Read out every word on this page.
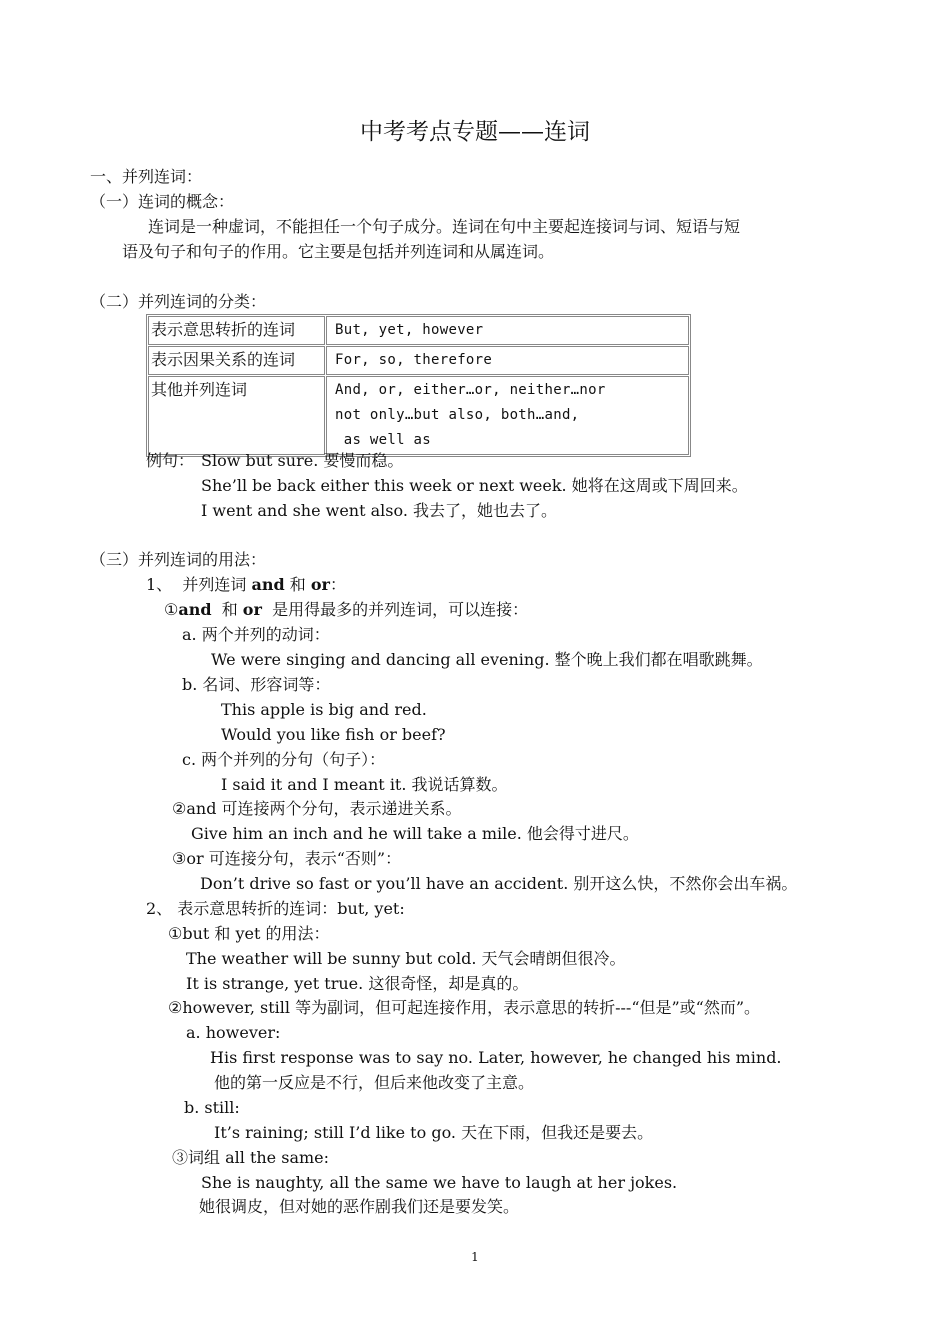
中考考点专题——连词
一、并列连词：
（一）连词的概念：
连词是一种虚词，不能担任一个句子成分。连词在句中主要起连接词与词、短语与短
语及句子和句子的作用。它主要是包括并列连词和从属连词。
（二）并列连词的分类：
表示意思转折的连词	But, yet, however

表示因果关系的连词	For, so, therefore

其他并列连词	And, or, either…or, neither…nor
not only…but also, both…and,
as well as
例句： Slow but sure. 要慢而稳。
She’ll be back either this week or next week. 她将在这周或下周回来。
I went and she went also. 我去了，她也去了。
（三）并列连词的用法：
1、  并列连词 and 和 or：
①and  和 or  是用得最多的并列连词，可以连接：
a. 两个并列的动词：
We were singing and dancing all evening. 整个晚上我们都在唱歌跳舞。
b. 名词、形容词等：
This apple is big and red.
Would you like fish or beef?
c. 两个并列的分句（句子）：
I said it and I meant it. 我说话算数。
②and 可连接两个分句，表示递进关系。
Give him an inch and he will take a mile. 他会得寸进尺。
③or 可连接分句，表示“否则”：
Don’t drive so fast or you’ll have an accident. 别开这么快，不然你会出车祸。
2、 表示意思转折的连词：but, yet:
①but 和 yet 的用法：
The weather will be sunny but cold. 天气会晴朗但很冷。
It is strange, yet true. 这很奇怪，却是真的。
②however, still 等为副词，但可起连接作用，表示意思的转折---“但是”或“然而”。
a. however:
His first response was to say no. Later, however, he changed his mind.
他的第一反应是不行，但后来他改变了主意。
b. still:
It’s raining; still I’d like to go. 天在下雨，但我还是要去。
③词组 all the same:
She is naughty, all the same we have to laugh at her jokes.
她很调皮，但对她的恶作剧我们还是要发笑。
1
